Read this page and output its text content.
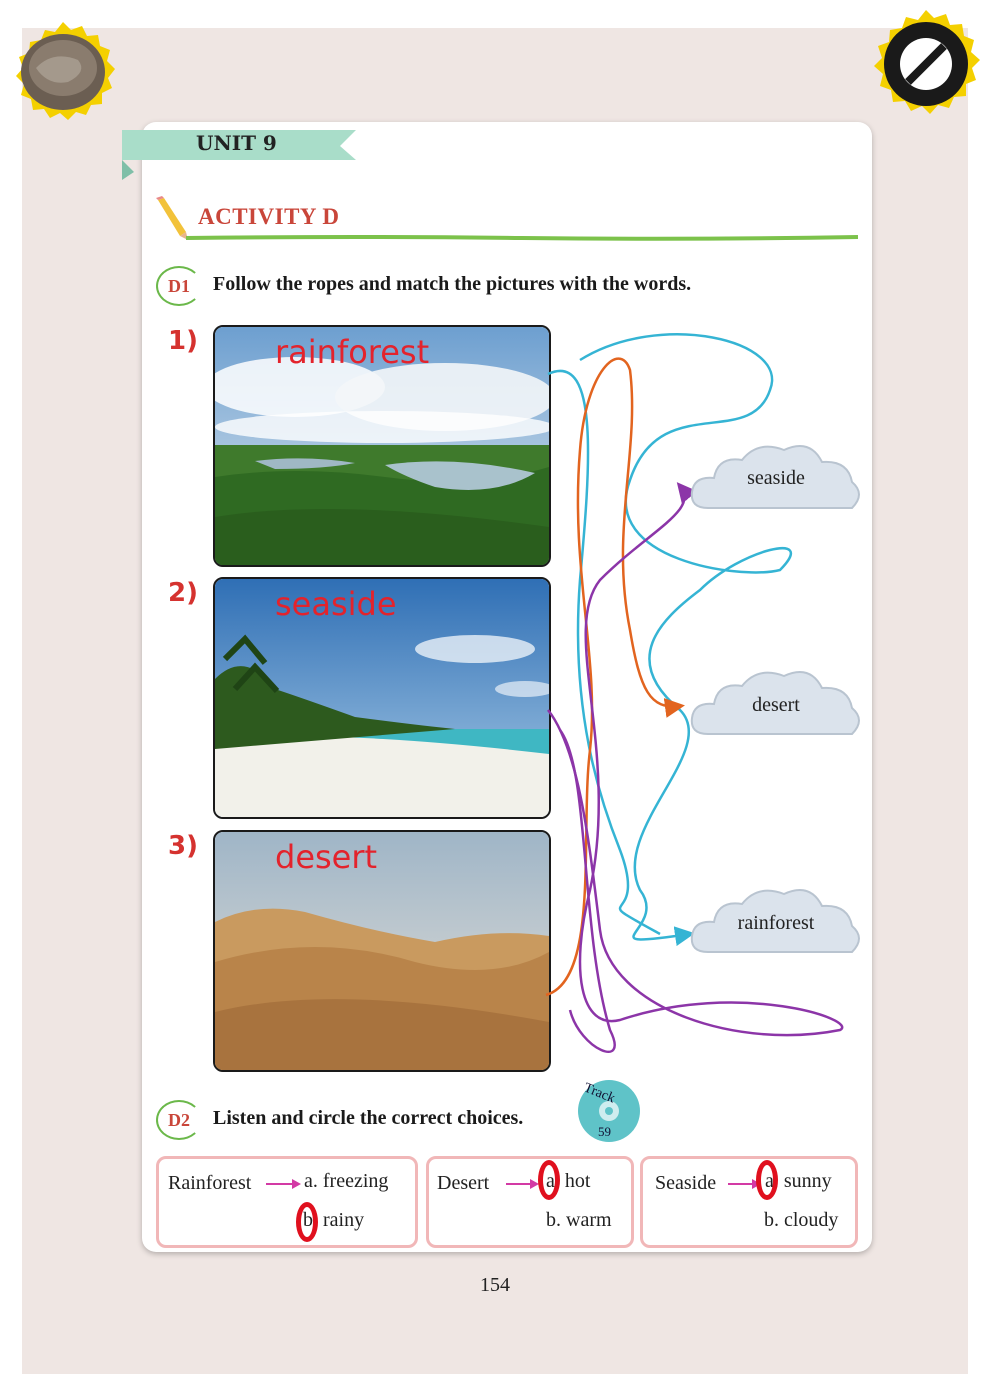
UNIT 9
ACTIVITY D
D1	Follow the ropes and match the pictures with the words.
1) rainforest
2) seaside
3) desert
seaside
desert
rainforest
D2	Listen and circle the correct choices.
Track
59
Rainforest	a. freezing
b. rainy
Desert	a. hot
b. warm
Seaside a. sunny
b. cloudy
154
